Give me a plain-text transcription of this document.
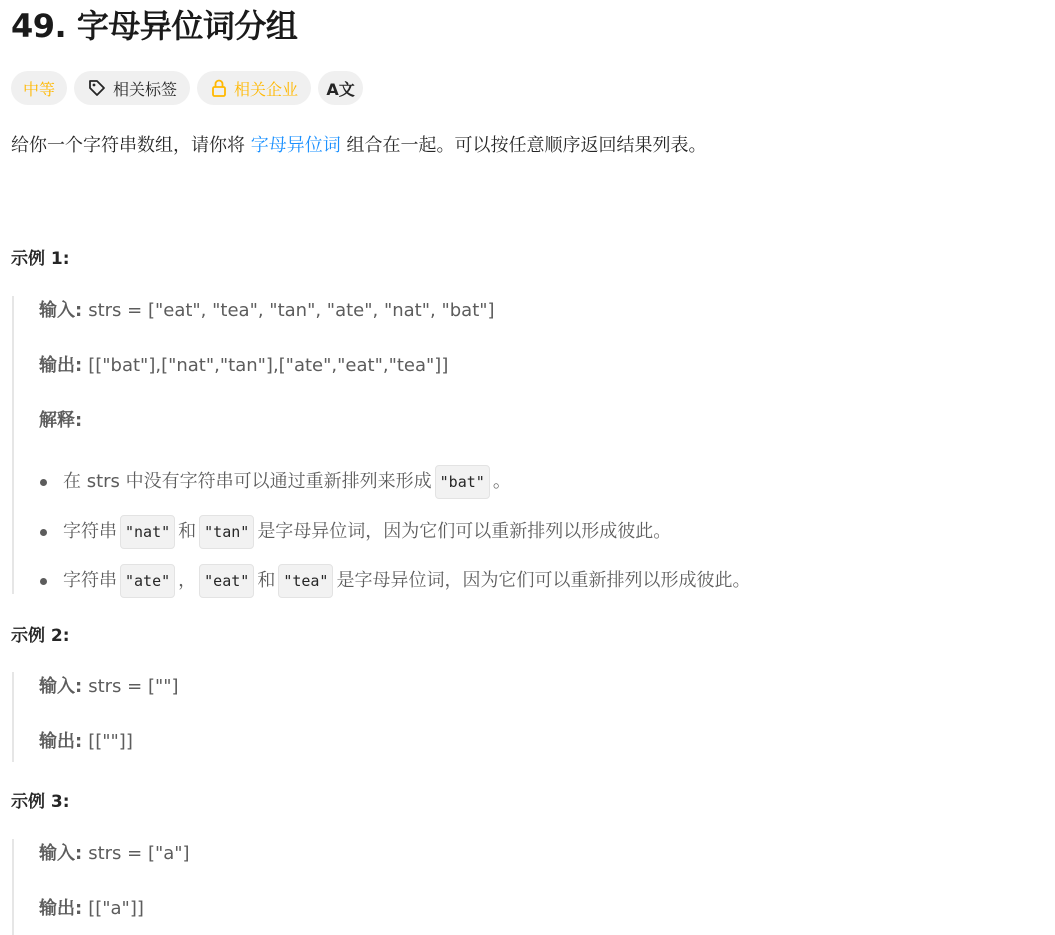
49. 字母异位词分组
中等	相关标签	相关企业 A文
给你一个字符串数组，请你将 字母异位词 组合在一起。可以按任意顺序返回结果列表。
示例 1:
输入: strs = ["eat", "tea", "tan", "ate", "nat", "bat"]
输出: [["bat"],["nat","tan"],["ate","eat","tea"]]
解释:
在 strs 中没有字符串可以通过重新排列来形成 "bat" 。
字符串 "nat" 和 "tan" 是字母异位词，因为它们可以重新排列以形成彼此。
字符串 "ate" ， "eat" 和 "tea" 是字母异位词，因为它们可以重新排列以形成彼此。
示例 2:
输入: strs = [""]
输出: [[""]]
示例 3:
输入: strs = ["a"]
输出: [["a"]]
